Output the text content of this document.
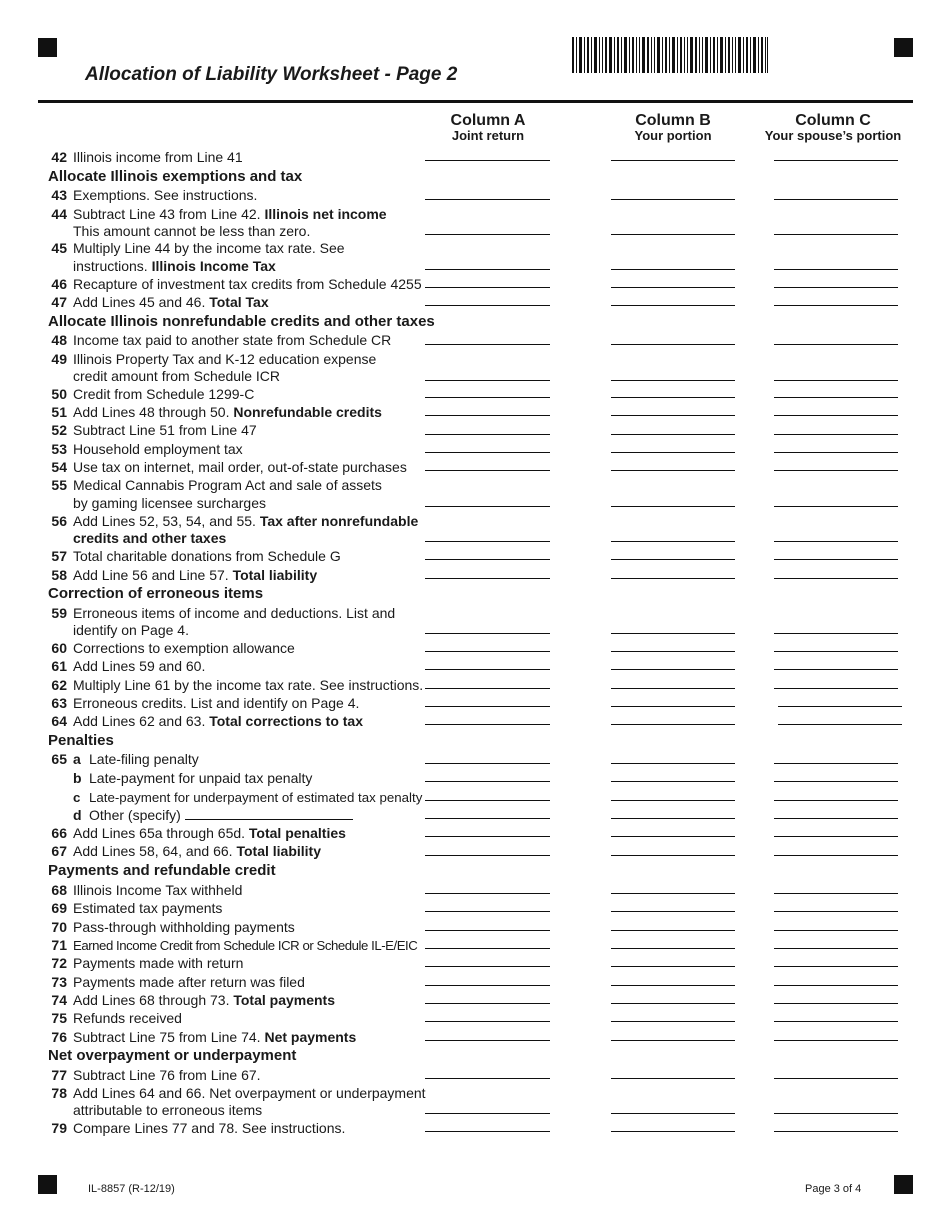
Allocation of Liability Worksheet - Page 2
Column A
Joint return
Column B
Your portion
Column C
Your spouse’s portion
42 Illinois income from Line 41
Allocate Illinois exemptions and tax
43 Exemptions. See instructions.
44 Subtract Line 43 from Line 42. Illinois net income
This amount cannot be less than zero.
45 Multiply Line 44 by the income tax rate. See
instructions. Illinois Income Tax
46 Recapture of investment tax credits from Schedule 4255
47 Add Lines 45 and 46. Total Tax
Allocate Illinois nonrefundable credits and other taxes
48 Income tax paid to another state from Schedule CR
49 Illinois Property Tax and K-12 education expense
credit amount from Schedule ICR
50 Credit from Schedule 1299-C
51 Add Lines 48 through 50. Nonrefundable credits
52 Subtract Line 51 from Line 47
53 Household employment tax
54 Use tax on internet, mail order, out-of-state purchases
55 Medical Cannabis Program Act and sale of assets
by gaming licensee surcharges
56 Add Lines 52, 53, 54, and 55. Tax after nonrefundable
credits and other taxes
57 Total charitable donations from Schedule G
58 Add Line 56 and Line 57. Total liability
Correction of erroneous items
59 Erroneous items of income and deductions. List and
identify on Page 4.
60 Corrections to exemption allowance
61 Add Lines 59 and 60.
62 Multiply Line 61 by the income tax rate. See instructions.
63 Erroneous credits. List and identify on Page 4.
64 Add Lines 62 and 63. Total corrections to tax
Penalties
65 a Late-filing penalty
b Late-payment for unpaid tax penalty
c Late-payment for underpayment of estimated tax penalty
d Other (specify)
66 Add Lines 65a through 65d. Total penalties
67 Add Lines 58, 64, and 66. Total liability
Payments and refundable credit
68 Illinois Income Tax withheld
69 Estimated tax payments
70 Pass-through withholding payments
71 Earned Income Credit from Schedule ICR or Schedule IL-E/EIC
72 Payments made with return
73 Payments made after return was filed
74 Add Lines 68 through 73. Total payments
75 Refunds received
76 Subtract Line 75 from Line 74. Net payments
Net overpayment or underpayment
77 Subtract Line 76 from Line 67.
78 Add Lines 64 and 66. Net overpayment or underpayment
attributable to erroneous items
79 Compare Lines 77 and 78. See instructions.
IL-8857 (R-12/19)	Page 3 of 4
